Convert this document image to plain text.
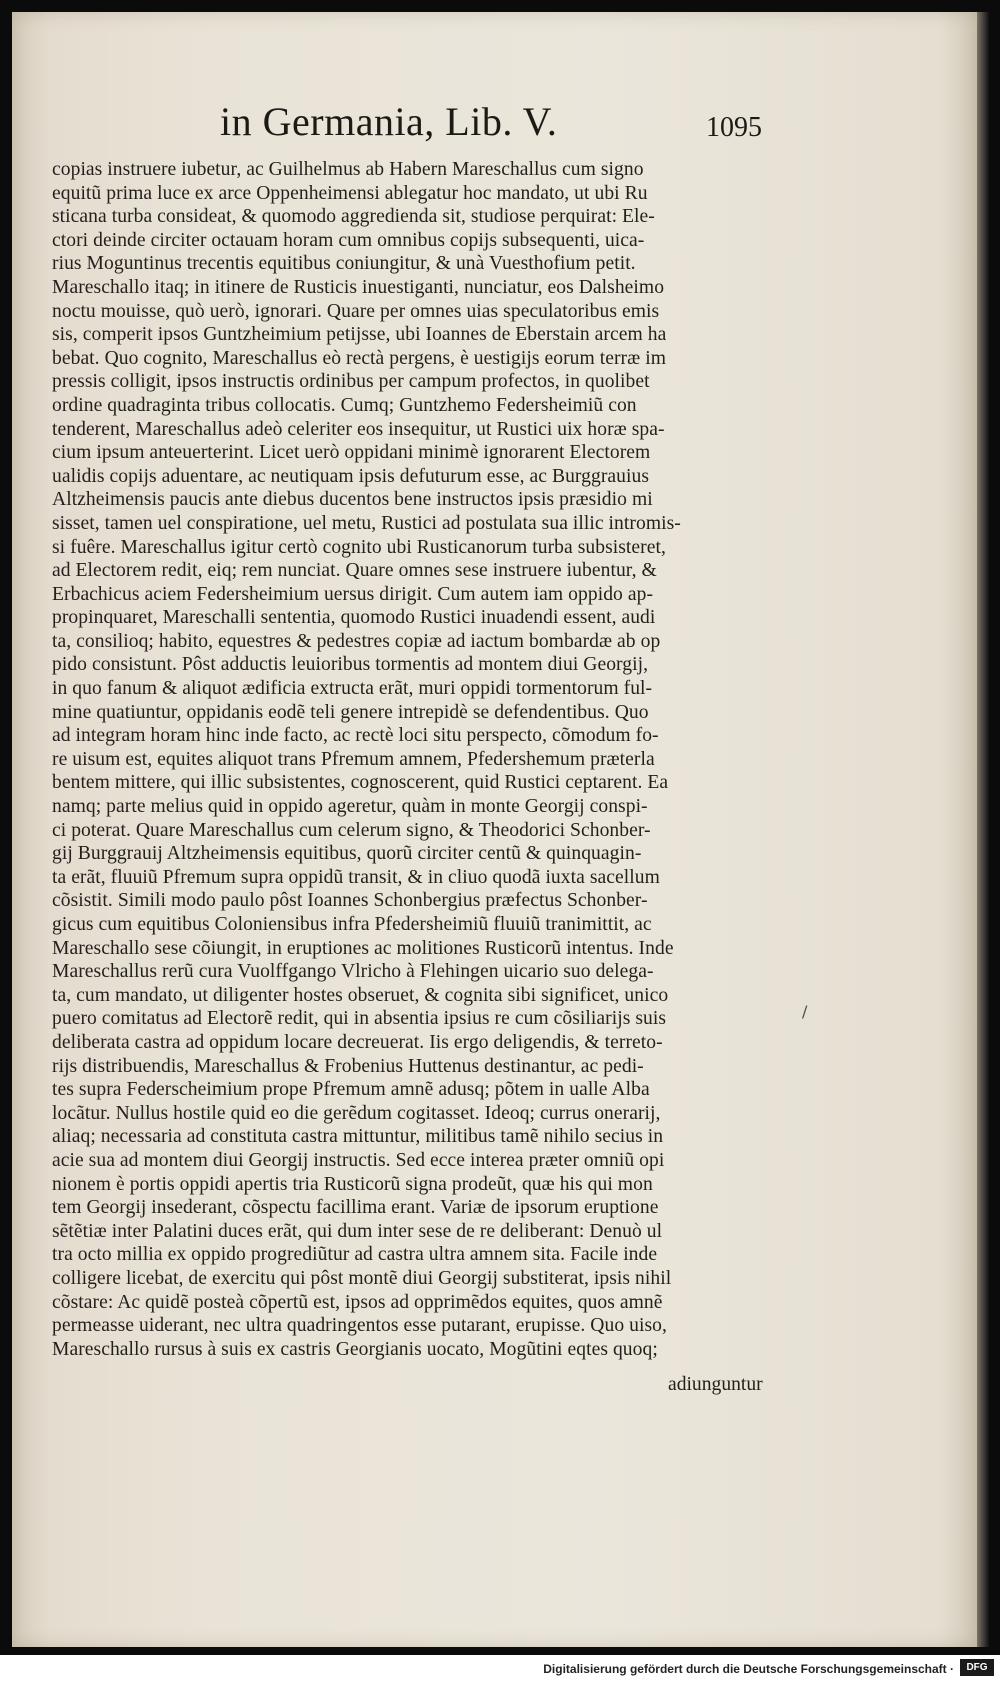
in Germania, Lib. V.	1095
copias instruere iubetur, ac Guilhelmus ab Habern Mareschallus cum signo
equitũ prima luce ex arce Oppenheimensi ablegatur hoc mandato, ut ubi Ru
sticana turba consideat, & quomodo aggredienda sit, studiose perquirat: Ele-
ctori deinde circiter octauam horam cum omnibus copijs subsequenti, uica-
rius Moguntinus trecentis equitibus coniungitur, & unà Vuesthofium petit.
Mareschallo itaq; in itinere de Rusticis inuestiganti, nunciatur, eos Dalsheimo
noctu mouisse, quò uerò, ignorari. Quare per omnes uias speculatoribus emis
sis, comperit ipsos Guntzheimium petijsse, ubi Ioannes de Eberstain arcem ha
bebat. Quo cognito, Mareschallus eò rectà pergens, è uestigijs eorum terræ im
pressis colligit, ipsos instructis ordinibus per campum profectos, in quolibet
ordine quadraginta tribus collocatis. Cumq; Guntzhemo Federsheimiũ con
tenderent, Mareschallus adeò celeriter eos insequitur, ut Rustici uix horæ spa-
cium ipsum anteuerterint. Licet uerò oppidani minimè ignorarent Electorem
ualidis copijs aduentare, ac neutiquam ipsis defuturum esse, ac Burggrauius
Altzheimensis paucis ante diebus ducentos bene instructos ipsis præsidio mi
sisset, tamen uel conspiratione, uel metu, Rustici ad postulata sua illic intromis-
si fuêre. Mareschallus igitur certò cognito ubi Rusticanorum turba subsisteret,
ad Electorem redit, eiq; rem nunciat. Quare omnes sese instruere iubentur, &
Erbachicus aciem Federsheimium uersus dirigit. Cum autem iam oppido ap-
propinquaret, Mareschalli sententia, quomodo Rustici inuadendi essent, audi
ta, consilioq; habito, equestres & pedestres copiæ ad iactum bombardæ ab op
pido consistunt. Pôst adductis leuioribus tormentis ad montem diui Georgij,
in quo fanum & aliquot ædificia extructa erãt, muri oppidi tormentorum ful-
mine quatiuntur, oppidanis eodẽ teli genere intrepidè se defendentibus. Quo
ad integram horam hinc inde facto, ac rectè loci situ perspecto, cõmodum fo-
re uisum est, equites aliquot trans Pfremum amnem, Pfedershemum præterla
bentem mittere, qui illic subsistentes, cognoscerent, quid Rustici ceptarent. Ea
namq; parte melius quid in oppido ageretur, quàm in monte Georgij conspi-
ci poterat. Quare Mareschallus cum celerum signo, & Theodorici Schonber-
gij Burggrauij Altzheimensis equitibus, quorũ circiter centũ & quinquagin-
ta erãt, fluuiũ Pfremum supra oppidũ transit, & in cliuo quodã iuxta sacellum
cõsistit. Simili modo paulo pôst Ioannes Schonbergius præfectus Schonber-
gicus cum equitibus Coloniensibus infra Pfedersheimiũ fluuiũ tranimittit, ac
Mareschallo sese cõiungit, in eruptiones ac molitiones Rusticorũ intentus. Inde
Mareschallus rerũ cura Vuolffgango Vlricho à Flehingen uicario suo delega-
ta, cum mandato, ut diligenter hostes obseruet, & cognita sibi significet, unico
puero comitatus ad Electorẽ redit, qui in absentia ipsius re cum cõsiliarijs suis
deliberata castra ad oppidum locare decreuerat. Iis ergo deligendis, & terreto-
rijs distribuendis, Mareschallus & Frobenius Huttenus destinantur, ac pedi-
tes supra Federscheimium prope Pfremum amnẽ adusq; põtem in ualle Alba
locãtur. Nullus hostile quid eo die gerẽdum cogitasset. Ideoq; currus onerarij,
aliaq; necessaria ad constituta castra mittuntur, militibus tamẽ nihilo secius in
acie sua ad montem diui Georgij instructis. Sed ecce interea præter omniũ opi
nionem è portis oppidi apertis tria Rusticorũ signa prodeũt, quæ his qui mon
tem Georgij insederant, cõspectu facillima erant. Variæ de ipsorum eruptione
sẽtẽtiæ inter Palatini duces erãt, qui dum inter sese de re deliberant: Denuò ul
tra octo millia ex oppido progrediũtur ad castra ultra amnem sita. Facile inde
colligere licebat, de exercitu qui pôst montẽ diui Georgij substiterat, ipsis nihil
cõstare: Ac quidẽ posteà cõpertũ est, ipsos ad opprimẽdos equites, quos amnẽ
permeasse uiderant, nec ultra quadringentos esse putarant, erupisse. Quo uiso,
Mareschallo rursus à suis ex castris Georgianis uocato, Mogũtini eqtes quoq;
/
adiunguntur
Digitalisierung gefördert durch die Deutsche Forschungsgemeinschaft ·	DFG
